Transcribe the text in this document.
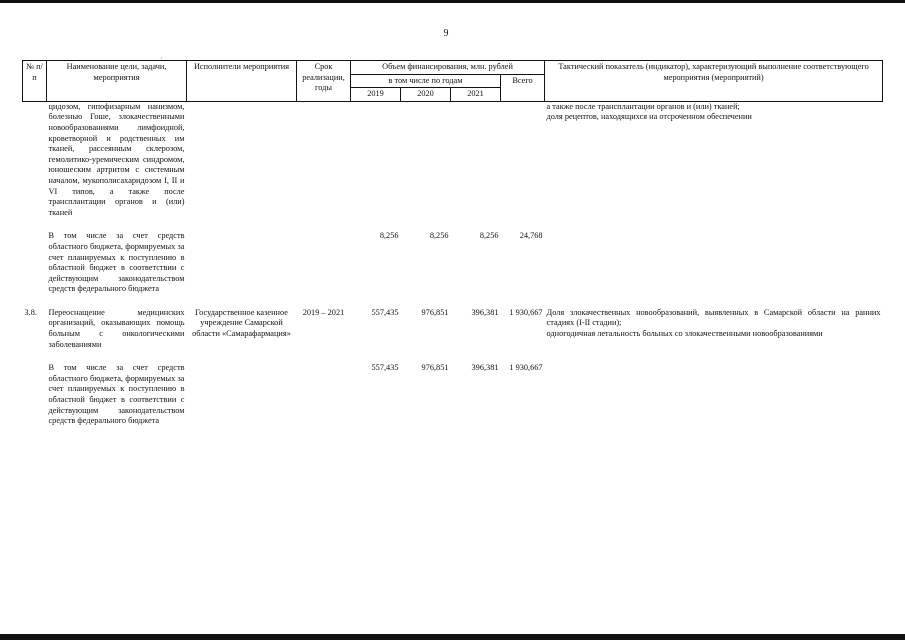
9
·
№ п/п	Наименование цели, задачи, мероприятия	Исполнители мероприятия	Срок реализации, годы	Объем финансирования, млн. рублей				Тактический показатель (индикатор), характеризующий выполнение соответствующего мероприятия (мероприятий)
				в том числе по годам			Всего	
				2019	2020	2021		
	цидозом, гипофизарным нанизмом, болезнью Гоше, злокачественными новообразованиями лимфоидной, кроветворной и родственных им тканей, рассеянным склерозом, гемолитико-уремическим синдромом, юношеским артритом с системным началом, мукополисахаридозом I, II и VI типов, а также после трансплантации органов и (или) тканей							а также после трансплантации органов и (или) тканей;
доля рецептов, находящихся на отсроченном обеспечении

	В том числе за счет средств областного бюджета, формируемых за счет планируемых к поступлению в областной бюджет в соответствии с действующим законодательством средств федерального бюджета			8,256	8,256	8,256	24,768	

3.8.	Переоснащение медицинских организаций, оказывающих помощь больным с онкологическими заболеваниями	Государственное казенное учреждение Самарской области «Самарафармация»	2019 – 2021	557,435	976,851	396,381	1 930,667	Доля злокачественных новообразований, выявленных в Самарской области на ранних стадиях (I-II стадии);
одногодичная летальность больных со злокачественными новообразованиями

	В том числе за счет средств областного бюджета, формируемых за счет планируемых к поступлению в областной бюджет в соответствии с действующим законодательством средств федерального бюджета			557,435	976,851	396,381	1 930,667	
